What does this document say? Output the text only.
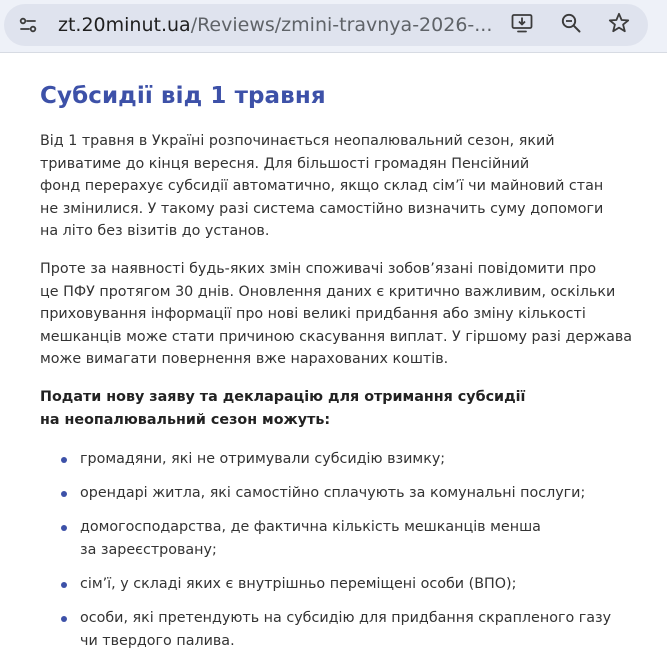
zt.20minut.ua/Reviews/zmini-travnya-2026-...
Субсидії від 1 травня

Від 1 травня в Україні розпочинається неопалювальний сезон, який
триватиме до кінця вересня. Для більшості громадян Пенсійний
фонд перерахує субсидії автоматично, якщо склад сім’ї чи майновий стан
не змінилися. У такому разі система самостійно визначить суму допомоги
на літо без візитів до установ.

Проте за наявності будь-яких змін споживачі зобов’язані повідомити про
це ПФУ протягом 30 днів. Оновлення даних є критично важливим, оскільки
приховування інформації про нові великі придбання або зміну кількості
мешканців може стати причиною скасування виплат. У гіршому разі держава
може вимагати повернення вже нарахованих коштів.

Подати нову заяву та декларацію для отримання субсидії
на неопалювальний сезон можуть:

громадяни, які не отримували субсидію взимку;
орендарі житла, які самостійно сплачують за комунальні послуги;
домогосподарства, де фактична кількість мешканців менша
за зареєстровану;
сім’ї, у складі яких є внутрішньо переміщені особи (ВПО);
особи, які претендують на субсидію для придбання скрапленого газу
чи твердого палива.
